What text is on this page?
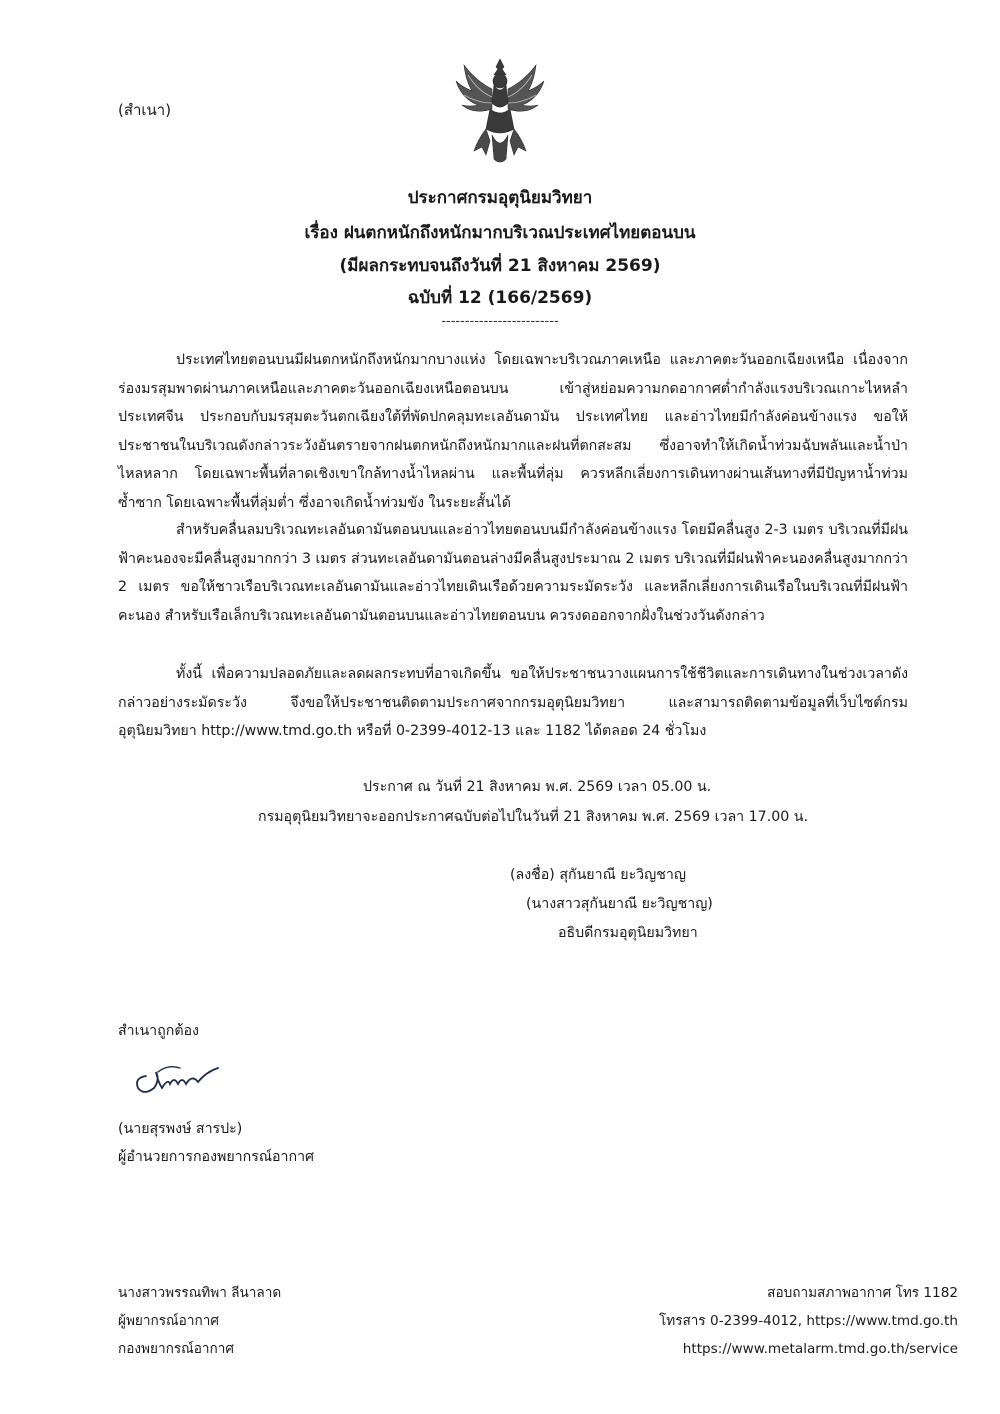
(สำเนา)
ประกาศกรมอุตุนิยมวิทยา
เรื่อง ฝนตกหนักถึงหนักมากบริเวณประเทศไทยตอนบน
(มีผลกระทบจนถึงวันที่ 21 สิงหาคม 2569)
ฉบับที่ 12 (166/2569)
-------------------------
ประเทศไทยตอนบนมีฝนตกหนักถึงหนักมากบางแห่ง โดยเฉพาะบริเวณภาคเหนือ และภาคตะวันออกเฉียงเหนือ เนื่องจากร่องมรสุมพาดผ่านภาคเหนือและภาคตะวันออกเฉียงเหนือตอนบน เข้าสู่หย่อมความกดอากาศต่ำกำลังแรงบริเวณเกาะไหหลำ ประเทศจีน ประกอบกับมรสุมตะวันตกเฉียงใต้ที่พัดปกคลุมทะเลอันดามัน ประเทศไทย และอ่าวไทยมีกำลังค่อนข้างแรง ขอให้ประชาชนในบริเวณดังกล่าวระวังอันตรายจากฝนตกหนักถึงหนักมากและฝนที่ตกสะสม ซึ่งอาจทำให้เกิดน้ำท่วมฉับพลันและน้ำป่าไหลหลาก โดยเฉพาะพื้นที่ลาดเชิงเขาใกล้ทางน้ำไหลผ่าน และพื้นที่ลุ่ม ควรหลีกเลี่ยงการเดินทางผ่านเส้นทางที่มีปัญหาน้ำท่วมซ้ำซาก โดยเฉพาะพื้นที่ลุ่มต่ำ ซึ่งอาจเกิดน้ำท่วมขัง ในระยะสั้นได้
สำหรับคลื่นลมบริเวณทะเลอันดามันตอนบนและอ่าวไทยตอนบนมีกำลังค่อนข้างแรง โดยมีคลื่นสูง 2-3 เมตร บริเวณที่มีฝนฟ้าคะนองจะมีคลื่นสูงมากกว่า 3 เมตร ส่วนทะเลอันดามันตอนล่างมีคลื่นสูงประมาณ 2 เมตร บริเวณที่มีฝนฟ้าคะนองคลื่นสูงมากกว่า 2 เมตร ขอให้ชาวเรือบริเวณทะเลอันดามันและอ่าวไทยเดินเรือด้วยความระมัดระวัง และหลีกเลี่ยงการเดินเรือในบริเวณที่มีฝนฟ้าคะนอง สำหรับเรือเล็กบริเวณทะเลอันดามันตอนบนและอ่าวไทยตอนบน ควรงดออกจากฝั่งในช่วงวันดังกล่าว
ทั้งนี้ เพื่อความปลอดภัยและลดผลกระทบที่อาจเกิดขึ้น ขอให้ประชาชนวางแผนการใช้ชีวิตและการเดินทางในช่วงเวลาดังกล่าวอย่างระมัดระวัง จึงขอให้ประชาชนติดตามประกาศจากกรมอุตุนิยมวิทยา และสามารถติดตามข้อมูลที่เว็บไซต์กรมอุตุนิยมวิทยา http://www.tmd.go.th หรือที่ 0-2399-4012-13 และ 1182 ได้ตลอด 24 ชั่วโมง
ประกาศ ณ วันที่ 21 สิงหาคม พ.ศ. 2569 เวลา 05.00 น.
กรมอุตุนิยมวิทยาจะออกประกาศฉบับต่อไปในวันที่ 21 สิงหาคม พ.ศ. 2569 เวลา 17.00 น.
(ลงชื่อ) สุกันยาณี ยะวิญชาญ
(นางสาวสุกันยาณี ยะวิญชาญ)
อธิบดีกรมอุตุนิยมวิทยา
สำเนาถูกต้อง
(นายสุรพงษ์ สารปะ)
ผู้อำนวยการกองพยากรณ์อากาศ
นางสาวพรรณทิพา ลีนาลาด
ผู้พยากรณ์อากาศ
กองพยากรณ์อากาศ
สอบถามสภาพอากาศ โทร 1182
โทรสาร 0-2399-4012, https://www.tmd.go.th
https://www.metalarm.tmd.go.th/service
